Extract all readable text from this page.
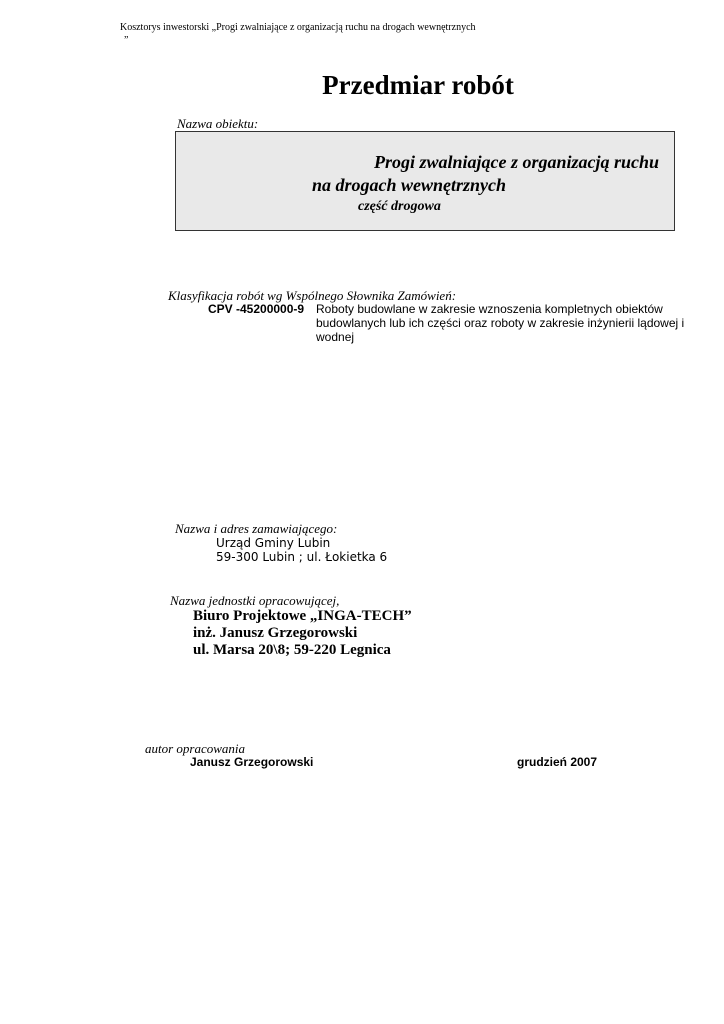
Kosztorys inwestorski „Progi zwalniające z organizacją ruchu na drogach wewnętrznych
”
Przedmiar robót
Nazwa obiektu:
Progi zwalniające z organizacją ruchu
na drogach wewnętrznych
część drogowa
Klasyfikacja robót wg Wspólnego Słownika Zamówień:
CPV -45200000-9 Roboty budowlane w zakresie wznoszenia kompletnych obiektów budowlanych lub ich części oraz roboty w zakresie inżynierii lądowej i wodnej
Nazwa i adres zamawiającego:
Urząd Gminy Lubin
59-300 Lubin ; ul. Łokietka 6
Nazwa jednostki opracowującej,
Biuro Projektowe „INGA-TECH”
inż. Janusz Grzegorowski
ul. Marsa 20\8; 59-220 Legnica
autor opracowania
Janusz Grzegorowski	grudzień 2007
